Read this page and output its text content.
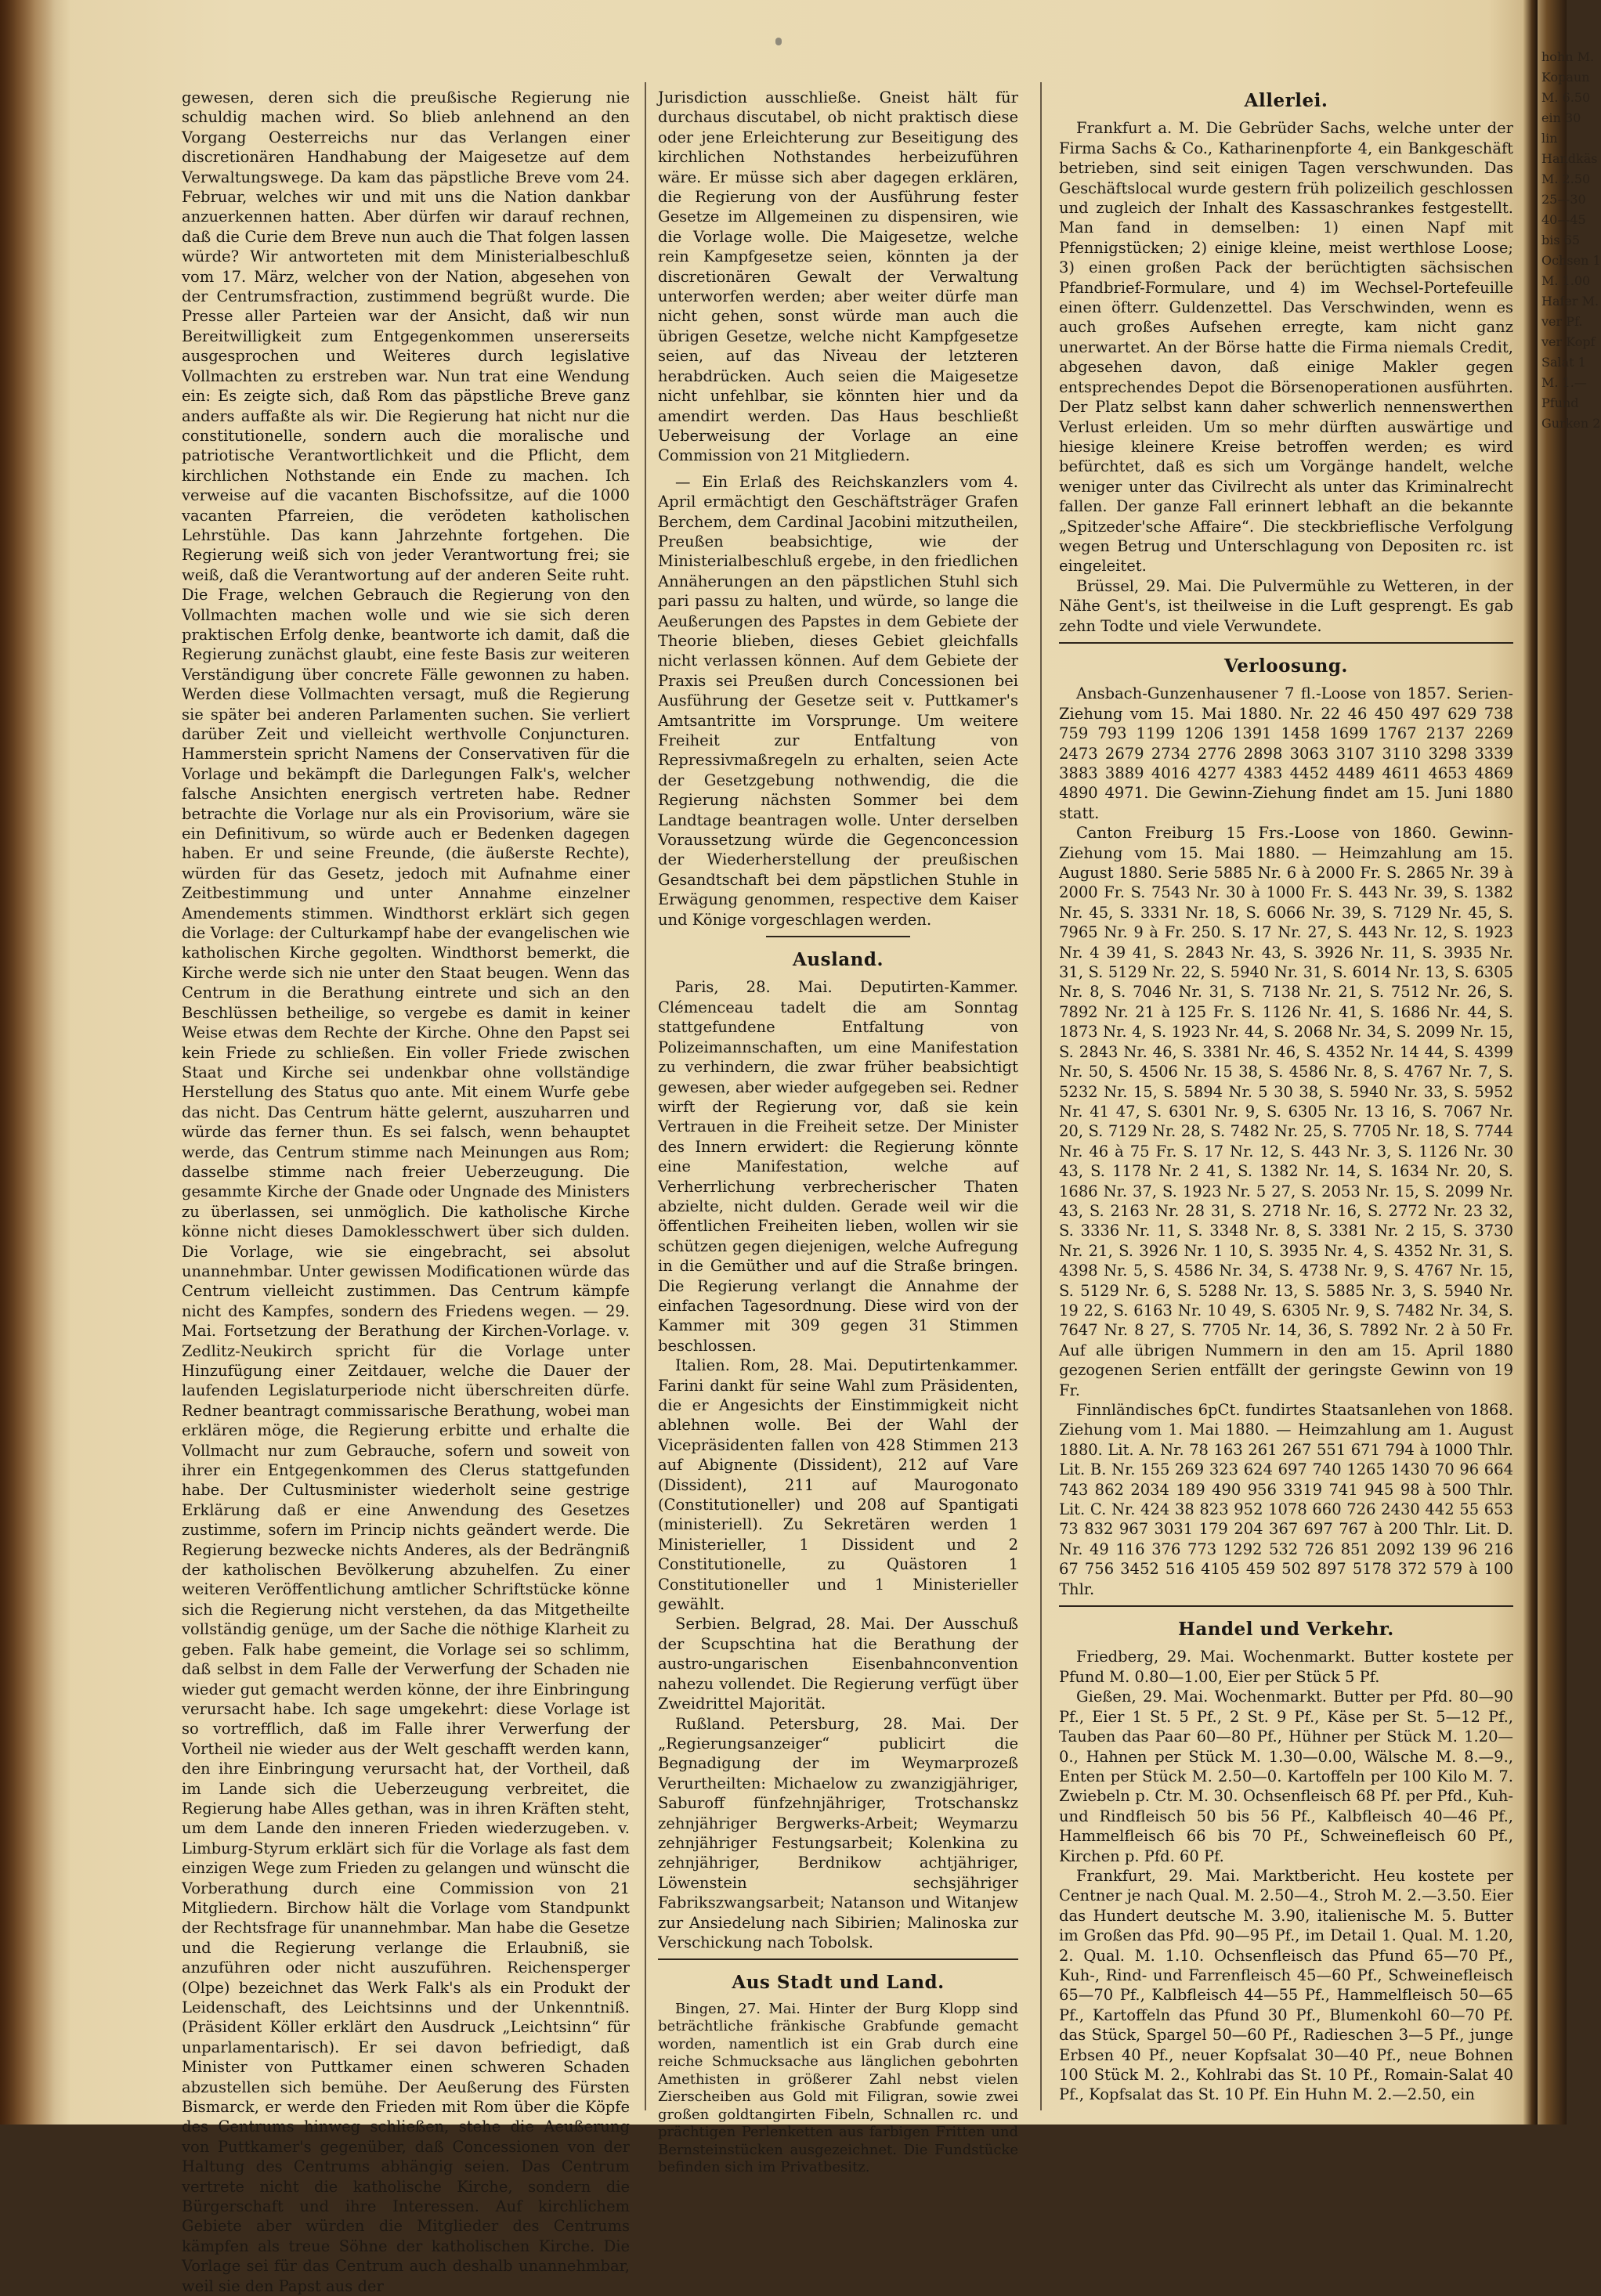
gewesen, deren sich die preußische Regierung nie schuldig machen wird. So blieb anlehnend an den Vorgang Oesterreichs nur das Verlangen einer discretionären Handhabung der Maigesetze auf dem Verwaltungswege. Da kam das päpstliche Breve vom 24. Februar, welches wir und mit uns die Nation dankbar anzuerkennen hatten. Aber dürfen wir darauf rechnen, daß die Curie dem Breve nun auch die That folgen lassen würde? Wir antworteten mit dem Ministerialbeschluß vom 17. März, welcher von der Nation, abgesehen von der Centrumsfraction, zustimmend begrüßt wurde. Die Presse aller Parteien war der Ansicht, daß wir nun Bereitwilligkeit zum Entgegenkommen unsererseits ausgesprochen und Weiteres durch legislative Vollmachten zu erstreben war. Nun trat eine Wendung ein: Es zeigte sich, daß Rom das päpstliche Breve ganz anders auffaßte als wir. Die Regierung hat nicht nur die constitutionelle, sondern auch die moralische und patriotische Verantwortlichkeit und die Pflicht, dem kirchlichen Nothstande ein Ende zu machen. Ich verweise auf die vacanten Bischofssitze, auf die 1000 vacanten Pfarreien, die verödeten katholischen Lehrstühle. Das kann Jahrzehnte fortgehen. Die Regierung weiß sich von jeder Verantwortung frei; sie weiß, daß die Verantwortung auf der anderen Seite ruht. Die Frage, welchen Gebrauch die Regierung von den Vollmachten machen wolle und wie sie sich deren praktischen Erfolg denke, beantworte ich damit, daß die Regierung zunächst glaubt, eine feste Basis zur weiteren Verständigung über concrete Fälle gewonnen zu haben. Werden diese Vollmachten versagt, muß die Regierung sie später bei anderen Parlamenten suchen. Sie verliert darüber Zeit und vielleicht werthvolle Conjuncturen. Hammerstein spricht Namens der Conservativen für die Vorlage und bekämpft die Darlegungen Falk's, welcher falsche Ansichten energisch vertreten habe. Redner betrachte die Vorlage nur als ein Provisorium, wäre sie ein Definitivum, so würde auch er Bedenken dagegen haben. Er und seine Freunde, (die äußerste Rechte), würden für das Gesetz, jedoch mit Aufnahme einer Zeitbestimmung und unter Annahme einzelner Amendements stimmen. Windthorst erklärt sich gegen die Vorlage: der Culturkampf habe der evangelischen wie katholischen Kirche gegolten. Windthorst bemerkt, die Kirche werde sich nie unter den Staat beugen. Wenn das Centrum in die Berathung eintrete und sich an den Beschlüssen betheilige, so vergebe es damit in keiner Weise etwas dem Rechte der Kirche. Ohne den Papst sei kein Friede zu schließen. Ein voller Friede zwischen Staat und Kirche sei undenkbar ohne vollständige Herstellung des Status quo ante. Mit einem Wurfe gebe das nicht. Das Centrum hätte gelernt, auszuharren und würde das ferner thun. Es sei falsch, wenn behauptet werde, das Centrum stimme nach Meinungen aus Rom; dasselbe stimme nach freier Ueberzeugung. Die gesammte Kirche der Gnade oder Ungnade des Ministers zu überlassen, sei unmöglich. Die katholische Kirche könne nicht dieses Damoklesschwert über sich dulden. Die Vorlage, wie sie eingebracht, sei absolut unannehmbar. Unter gewissen Modificationen würde das Centrum vielleicht zustimmen. Das Centrum kämpfe nicht des Kampfes, sondern des Friedens wegen. — 29. Mai. Fortsetzung der Berathung der Kirchen-Vorlage. v. Zedlitz-Neukirch spricht für die Vorlage unter Hinzufügung einer Zeitdauer, welche die Dauer der laufenden Legislaturperiode nicht überschreiten dürfe. Redner beantragt commissarische Berathung, wobei man erklären möge, die Regierung erbitte und erhalte die Vollmacht nur zum Gebrauche, sofern und soweit von ihrer ein Entgegenkommen des Clerus stattgefunden habe. Der Cultusminister wiederholt seine gestrige Erklärung daß er eine Anwendung des Gesetzes zustimme, sofern im Princip nichts geändert werde. Die Regierung bezwecke nichts Anderes, als der Bedrängniß der katholischen Bevölkerung abzuhelfen. Zu einer weiteren Veröffentlichung amtlicher Schriftstücke könne sich die Regierung nicht verstehen, da das Mitgetheilte vollständig genüge, um der Sache die nöthige Klarheit zu geben. Falk habe gemeint, die Vorlage sei so schlimm, daß selbst in dem Falle der Verwerfung der Schaden nie wieder gut gemacht werden könne, der ihre Einbringung verursacht habe. Ich sage umgekehrt: diese Vorlage ist so vortrefflich, daß im Falle ihrer Verwerfung der Vortheil nie wieder aus der Welt geschafft werden kann, den ihre Einbringung verursacht hat, der Vortheil, daß im Lande sich die Ueberzeugung verbreitet, die Regierung habe Alles gethan, was in ihren Kräften steht, um dem Lande den inneren Frieden wiederzugeben. v. Limburg-Styrum erklärt sich für die Vorlage als fast dem einzigen Wege zum Frieden zu gelangen und wünscht die Vorberathung durch eine Commission von 21 Mitgliedern. Birchow hält die Vorlage vom Standpunkt der Rechtsfrage für unannehmbar. Man habe die Gesetze und die Regierung verlange die Erlaubniß, sie anzuführen oder nicht auszuführen. Reichensperger (Olpe) bezeichnet das Werk Falk's als ein Produkt der Leidenschaft, des Leichtsinns und der Unkenntniß. (Präsident Köller erklärt den Ausdruck „Leichtsinn“ für unparlamentarisch). Er sei davon befriedigt, daß Minister von Puttkamer einen schweren Schaden abzustellen sich bemühe. Der Aeußerung des Fürsten Bismarck, er werde den Frieden mit Rom über die Köpfe des Centrums hinweg schließen, stehe die Aeußerung von Puttkamer's gegenüber, daß Concessionen von der Haltung des Centrums abhängig seien. Das Centrum vertrete nicht die katholische Kirche, sondern die Bürgerschaft und ihre Interessen. Auf kirchlichem Gebiete aber würden die Mitglieder des Centrums kämpfen als treue Söhne der katholischen Kirche. Die Vorlage sei für das Centrum auch deshalb unannehmbar, weil sie den Papst aus der

Jurisdiction ausschließe. Gneist hält für durchaus discutabel, ob nicht praktisch diese oder jene Erleichterung zur Beseitigung des kirchlichen Nothstandes herbeizuführen wäre. Er müsse sich aber dagegen erklären, die Regierung von der Ausführung fester Gesetze im Allgemeinen zu dispensiren, wie die Vorlage wolle. Die Maigesetze, welche rein Kampfgesetze seien, könnten ja der discretionären Gewalt der Verwaltung unterworfen werden; aber weiter dürfe man nicht gehen, sonst würde man auch die übrigen Gesetze, welche nicht Kampfgesetze seien, auf das Niveau der letzteren herabdrücken. Auch seien die Maigesetze nicht unfehlbar, sie könnten hier und da amendirt werden. Das Haus beschließt Ueberweisung der Vorlage an eine Commission von 21 Mitgliedern.

— Ein Erlaß des Reichskanzlers vom 4. April ermächtigt den Geschäftsträger Grafen Berchem, dem Cardinal Jacobini mitzutheilen, Preußen beabsichtige, wie der Ministerialbeschluß ergebe, in den friedlichen Annäherungen an den päpstlichen Stuhl sich pari passu zu halten, und würde, so lange die Aeußerungen des Papstes in dem Gebiete der Theorie blieben, dieses Gebiet gleichfalls nicht verlassen können. Auf dem Gebiete der Praxis sei Preußen durch Concessionen bei Ausführung der Gesetze seit v. Puttkamer's Amtsantritte im Vorsprunge. Um weitere Freiheit zur Entfaltung von Repressivmaßregeln zu erhalten, seien Acte der Gesetzgebung nothwendig, die die Regierung nächsten Sommer bei dem Landtage beantragen wolle. Unter derselben Voraussetzung würde die Gegenconcession der Wiederherstellung der preußischen Gesandtschaft bei dem päpstlichen Stuhle in Erwägung genommen, respective dem Kaiser und Könige vorgeschlagen werden.

Ausland.

Paris, 28. Mai. Deputirten-Kammer. Clémenceau tadelt die am Sonntag stattgefundene Entfaltung von Polizeimannschaften, um eine Manifestation zu verhindern, die zwar früher beabsichtigt gewesen, aber wieder aufgegeben sei. Redner wirft der Regierung vor, daß sie kein Vertrauen in die Freiheit setze. Der Minister des Innern erwidert: die Regierung könnte eine Manifestation, welche auf Verherrlichung verbrecherischer Thaten abzielte, nicht dulden. Gerade weil wir die öffentlichen Freiheiten lieben, wollen wir sie schützen gegen diejenigen, welche Aufregung in die Gemüther und auf die Straße bringen. Die Regierung verlangt die Annahme der einfachen Tagesordnung. Diese wird von der Kammer mit 309 gegen 31 Stimmen beschlossen.

Italien. Rom, 28. Mai. Deputirtenkammer. Farini dankt für seine Wahl zum Präsidenten, die er Angesichts der Einstimmigkeit nicht ablehnen wolle. Bei der Wahl der Vicepräsidenten fallen von 428 Stimmen 213 auf Abignente (Dissident), 212 auf Vare (Dissident), 211 auf Maurogonato (Constitutioneller) und 208 auf Spantigati (ministeriell). Zu Sekretären werden 1 Ministerieller, 1 Dissident und 2 Constitutionelle, zu Quästoren 1 Constitutioneller und 1 Ministerieller gewählt.

Serbien. Belgrad, 28. Mai. Der Ausschuß der Scupschtina hat die Berathung der austro-ungarischen Eisenbahnconvention nahezu vollendet. Die Regierung verfügt über Zweidrittel Majorität.

Rußland. Petersburg, 28. Mai. Der „Regierungsanzeiger“ publicirt die Begnadigung der im Weymarprozeß Verurtheilten: Michaelow zu zwanzigjähriger, Saburoff fünfzehnjähriger, Trotschanskz zehnjähriger Bergwerks-Arbeit; Weymarzu zehnjähriger Festungsarbeit; Kolenkina zu zehnjähriger, Berdnikow achtjähriger, Löwenstein sechsjähriger Fabrikszwangsarbeit; Natanson und Witanjew zur Ansiedelung nach Sibirien; Malinoska zur Verschickung nach Tobolsk.

Aus Stadt und Land.

Bingen, 27. Mai. Hinter der Burg Klopp sind beträchtliche fränkische Grabfunde gemacht worden, namentlich ist ein Grab durch eine reiche Schmucksache aus länglichen gebohrten Amethisten in größerer Zahl nebst vielen Zierscheiben aus Gold mit Filigran, sowie zwei großen goldtangirten Fibeln, Schnallen rc. und prächtigen Perlenketten aus farbigen Fritten und Bernsteinstücken ausgezeichnet. Die Fundstücke befinden sich im Privatbesitz.

Allerlei.

Frankfurt a. M. Die Gebrüder Sachs, welche unter der Firma Sachs & Co., Katharinenpforte 4, ein Bankgeschäft betrieben, sind seit einigen Tagen verschwunden. Das Geschäftslocal wurde gestern früh polizeilich geschlossen und zugleich der Inhalt des Kassaschrankes festgestellt. Man fand in demselben: 1) einen Napf mit Pfennigstücken; 2) einige kleine, meist werthlose Loose; 3) einen großen Pack der berüchtigten sächsischen Pfandbrief-Formulare, und 4) im Wechsel-Portefeuille einen öfterr. Guldenzettel. Das Verschwinden, wenn es auch großes Aufsehen erregte, kam nicht ganz unerwartet. An der Börse hatte die Firma niemals Credit, abgesehen davon, daß einige Makler gegen entsprechendes Depot die Börsenoperationen ausführten. Der Platz selbst kann daher schwerlich nennenswerthen Verlust erleiden. Um so mehr dürften auswärtige und hiesige kleinere Kreise betroffen werden; es wird befürchtet, daß es sich um Vorgänge handelt, welche weniger unter das Civilrecht als unter das Kriminalrecht fallen. Der ganze Fall erinnert lebhaft an die bekannte „Spitzeder'sche Affaire“. Die steckbrieflische Verfolgung wegen Betrug und Unterschlagung von Depositen rc. ist eingeleitet.

Brüssel, 29. Mai. Die Pulvermühle zu Wetteren, in der Nähe Gent's, ist theilweise in die Luft gesprengt. Es gab zehn Todte und viele Verwundete.

Verloosung.

Ansbach-Gunzenhausener 7 fl.-Loose von 1857. Serien-Ziehung vom 15. Mai 1880. Nr. 22 46 450 497 629 738 759 793 1199 1206 1391 1458 1699 1767 2137 2269 2473 2679 2734 2776 2898 3063 3107 3110 3298 3339 3883 3889 4016 4277 4383 4452 4489 4611 4653 4869 4890 4971. Die Gewinn-Ziehung findet am 15. Juni 1880 statt.

Canton Freiburg 15 Frs.-Loose von 1860. Gewinn-Ziehung vom 15. Mai 1880. — Heimzahlung am 15. August 1880. Serie 5885 Nr. 6 à 2000 Fr. S. 2865 Nr. 39 à 2000 Fr. S. 7543 Nr. 30 à 1000 Fr. S. 443 Nr. 39, S. 1382 Nr. 45, S. 3331 Nr. 18, S. 6066 Nr. 39, S. 7129 Nr. 45, S. 7965 Nr. 9 à Fr. 250. S. 17 Nr. 27, S. 443 Nr. 12, S. 1923 Nr. 4 39 41, S. 2843 Nr. 43, S. 3926 Nr. 11, S. 3935 Nr. 31, S. 5129 Nr. 22, S. 5940 Nr. 31, S. 6014 Nr. 13, S. 6305 Nr. 8, S. 7046 Nr. 31, S. 7138 Nr. 21, S. 7512 Nr. 26, S. 7892 Nr. 21 à 125 Fr. S. 1126 Nr. 41, S. 1686 Nr. 44, S. 1873 Nr. 4, S. 1923 Nr. 44, S. 2068 Nr. 34, S. 2099 Nr. 15, S. 2843 Nr. 46, S. 3381 Nr. 46, S. 4352 Nr. 14 44, S. 4399 Nr. 50, S. 4506 Nr. 15 38, S. 4586 Nr. 8, S. 4767 Nr. 7, S. 5232 Nr. 15, S. 5894 Nr. 5 30 38, S. 5940 Nr. 33, S. 5952 Nr. 41 47, S. 6301 Nr. 9, S. 6305 Nr. 13 16, S. 7067 Nr. 20, S. 7129 Nr. 28, S. 7482 Nr. 25, S. 7705 Nr. 18, S. 7744 Nr. 46 à 75 Fr. S. 17 Nr. 12, S. 443 Nr. 3, S. 1126 Nr. 30 43, S. 1178 Nr. 2 41, S. 1382 Nr. 14, S. 1634 Nr. 20, S. 1686 Nr. 37, S. 1923 Nr. 5 27, S. 2053 Nr. 15, S. 2099 Nr. 43, S. 2163 Nr. 28 31, S. 2718 Nr. 16, S. 2772 Nr. 23 32, S. 3336 Nr. 11, S. 3348 Nr. 8, S. 3381 Nr. 2 15, S. 3730 Nr. 21, S. 3926 Nr. 1 10, S. 3935 Nr. 4, S. 4352 Nr. 31, S. 4398 Nr. 5, S. 4586 Nr. 34, S. 4738 Nr. 9, S. 4767 Nr. 15, S. 5129 Nr. 6, S. 5288 Nr. 13, S. 5885 Nr. 3, S. 5940 Nr. 19 22, S. 6163 Nr. 10 49, S. 6305 Nr. 9, S. 7482 Nr. 34, S. 7647 Nr. 8 27, S. 7705 Nr. 14, 36, S. 7892 Nr. 2 à 50 Fr. Auf alle übrigen Nummern in den am 15. April 1880 gezogenen Serien entfällt der geringste Gewinn von 19 Fr.

Finnländisches 6pCt. fundirtes Staatsanlehen von 1868. Ziehung vom 1. Mai 1880. — Heimzahlung am 1. August 1880. Lit. A. Nr. 78 163 261 267 551 671 794 à 1000 Thlr. Lit. B. Nr. 155 269 323 624 697 740 1265 1430 70 96 664 743 862 2034 189 490 956 3319 741 945 98 à 500 Thlr. Lit. C. Nr. 424 38 823 952 1078 660 726 2430 442 55 653 73 832 967 3031 179 204 367 697 767 à 200 Thlr. Lit. D. Nr. 49 116 376 773 1292 532 726 851 2092 139 96 216 67 756 3452 516 4105 459 502 897 5178 372 579 à 100 Thlr.

Handel und Verkehr.

Friedberg, 29. Mai. Wochenmarkt. Butter kostete per Pfund M. 0.80—1.00, Eier per Stück 5 Pf.

Gießen, 29. Mai. Wochenmarkt. Butter per Pfd. 80—90 Pf., Eier 1 St. 5 Pf., 2 St. 9 Pf., Käse per St. 5—12 Pf., Tauben das Paar 60—80 Pf., Hühner per Stück M. 1.20—0., Hahnen per Stück M. 1.30—0.00, Wälsche M. 8.—9., Enten per Stück M. 2.50—0. Kartoffeln per 100 Kilo M. 7. Zwiebeln p. Ctr. M. 30. Ochsenfleisch 68 Pf. per Pfd., Kuh- und Rindfleisch 50 bis 56 Pf., Kalbfleisch 40—46 Pf., Hammelfleisch 66 bis 70 Pf., Schweinefleisch 60 Pf., Kirchen p. Pfd. 60 Pf.

Frankfurt, 29. Mai. Marktbericht. Heu kostete per Centner je nach Qual. M. 2.50—4., Stroh M. 2.—3.50. Eier das Hundert deutsche M. 3.90, italienische M. 5. Butter im Großen das Pfd. 90—95 Pf., im Detail 1. Qual. M. 1.20, 2. Qual. M. 1.10. Ochsenfleisch das Pfund 65—70 Pf., Kuh-, Rind- und Farrenfleisch 45—60 Pf., Schweinefleisch 65—70 Pf., Kalbfleisch 44—55 Pf., Hammelfleisch 50—65 Pf., Kartoffeln das Pfund 30 Pf., Blumenkohl 60—70 Pf. das Stück, Spargel 50—60 Pf., Radieschen 3—5 Pf., junge Erbsen 40 Pf., neuer Kopfsalat 30—40 Pf., neue Bohnen 100 Stück M. 2., Kohlrabi das St. 10 Pf., Romain-Salat 40 Pf., Kopfsalat das St. 10 Pf. Ein Huhn M. 2.—2.50, ein

hohn M.
Kopaun
M. 6.50
ein 30
lin
Handkäs
M. 2.50
25—30
40—45
bis 65
Ochsen 1
M. 1.00
Hafer M.
ver Pf.
ver Kopf
Salat 1
M. 1.—
Pfund
Gurken 2
